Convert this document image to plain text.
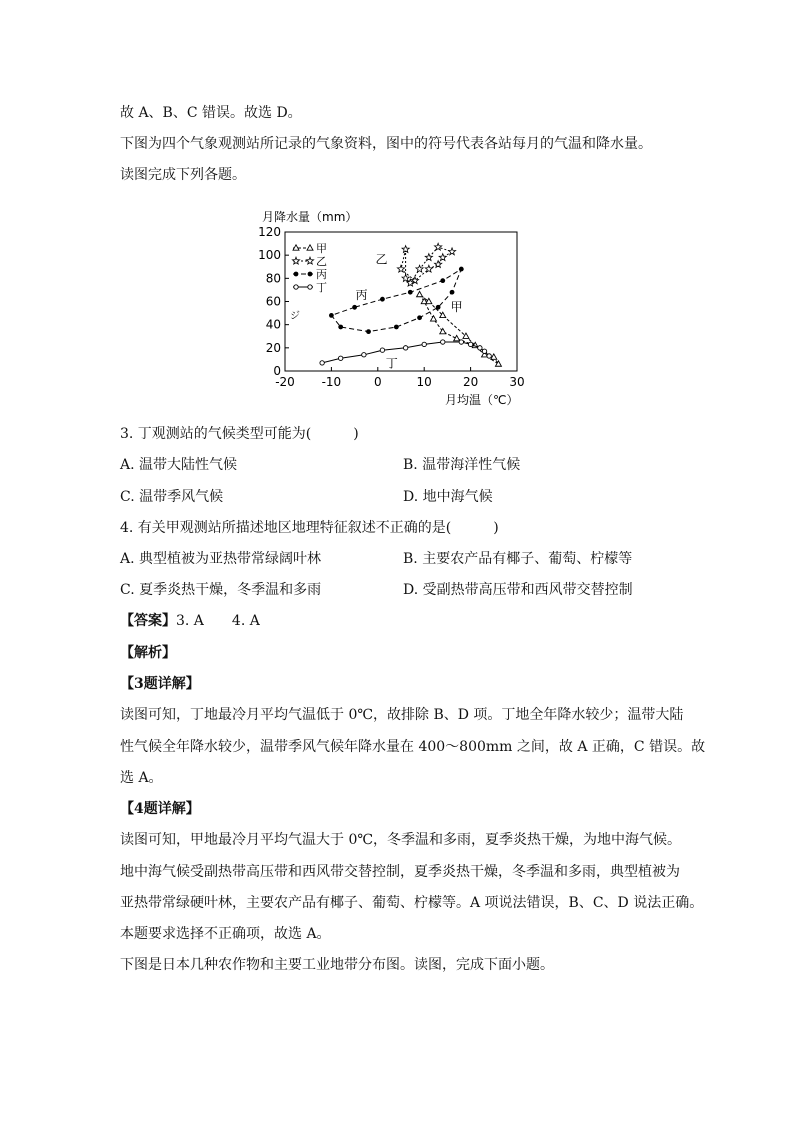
故 A、B、C 错误。故选 D。
下图为四个气象观测站所记录的气象资料，图中的符号代表各站每月的气温和降水量。
读图完成下列各题。
月降水量（mm）
月均温（℃）
0
20
40
60
80
100
120
-20 -10	0	10	20	30
甲
乙
丙
丁
乙
丙
甲
丁
ジ
3. 丁观测站的气候类型可能为(　　　)
A. 温带大陆性气候	B. 温带海洋性气候
C. 温带季风气候	D. 地中海气候
4. 有关甲观测站所描述地区地理特征叙述不正确的是(　　　)
A. 典型植被为亚热带常绿阔叶林	B. 主要农产品有椰子、葡萄、柠檬等
C. 夏季炎热干燥，冬季温和多雨	D. 受副热带高压带和西风带交替控制
【答案】3. A　　4. A
【解析】
【3题详解】
读图可知，丁地最冷月平均气温低于 0℃，故排除 B、D 项。丁地全年降水较少；温带大陆
性气候全年降水较少，温带季风气候年降水量在 400～800mm 之间，故 A 正确，C 错误。故
选 A。
【4题详解】
读图可知，甲地最冷月平均气温大于 0℃，冬季温和多雨，夏季炎热干燥，为地中海气候。
地中海气候受副热带高压带和西风带交替控制，夏季炎热干燥，冬季温和多雨，典型植被为
亚热带常绿硬叶林，主要农产品有椰子、葡萄、柠檬等。A 项说法错误，B、C、D 说法正确。
本题要求选择不正确项，故选 A。
下图是日本几种农作物和主要工业地带分布图。读图，完成下面小题。
